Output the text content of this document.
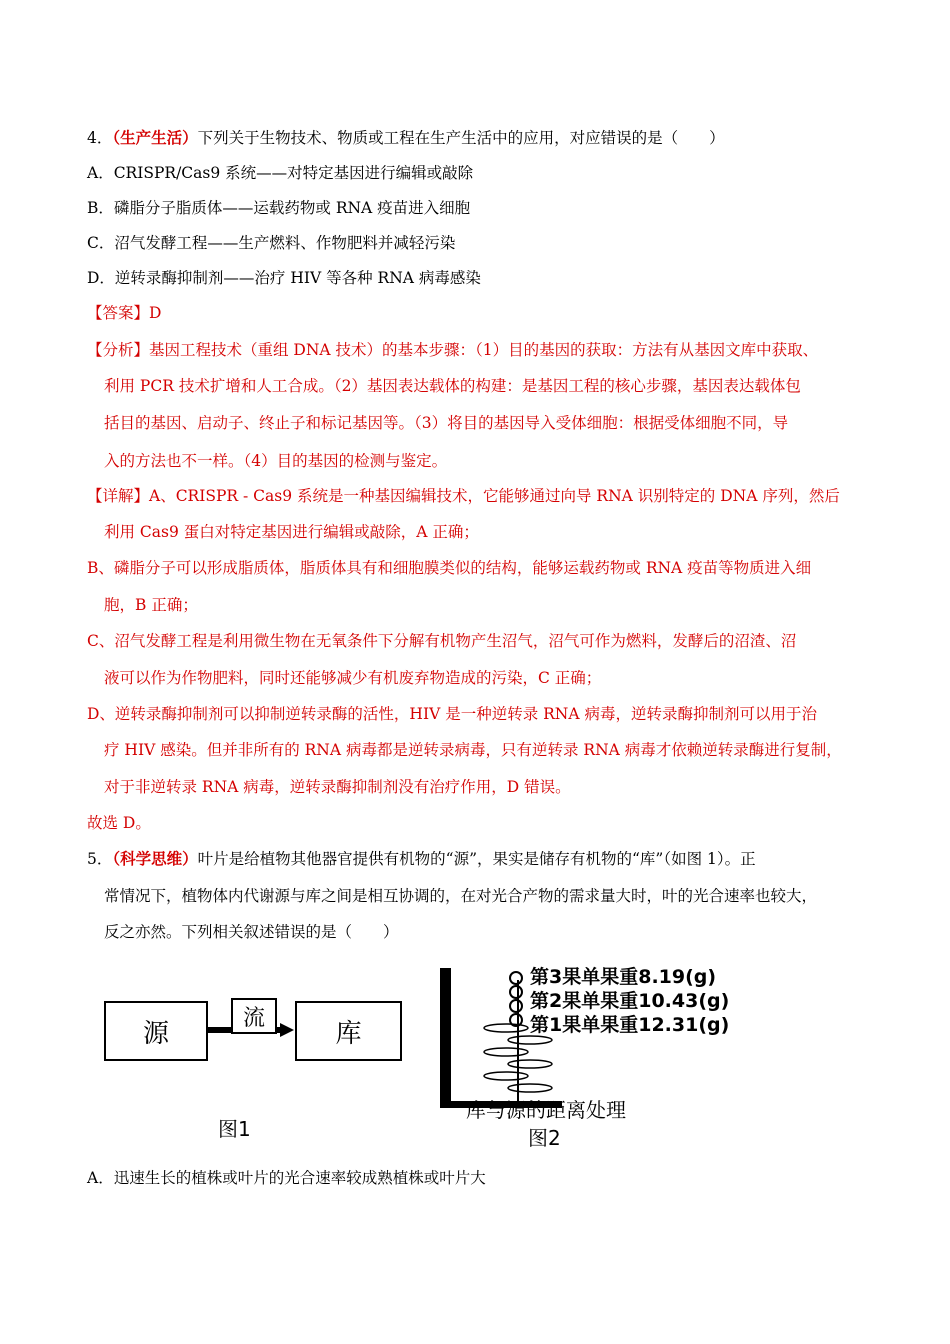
4．（生产生活）下列关于生物技术、物质或工程在生产生活中的应用，对应错误的是（　　）
A．CRISPR/Cas9 系统——对特定基因进行编辑或敲除
B．磷脂分子脂质体——运载药物或 RNA 疫苗进入细胞
C．沼气发酵工程——生产燃料、作物肥料并减轻污染
D．逆转录酶抑制剂——治疗 HIV 等各种 RNA 病毒感染
【答案】D
【分析】基因工程技术（重组 DNA 技术）的基本步骤：（1）目的基因的获取：方法有从基因文库中获取、
利用 PCR 技术扩增和人工合成。（2）基因表达载体的构建：是基因工程的核心步骤，基因表达载体包
括目的基因、启动子、终止子和标记基因等。（3）将目的基因导入受体细胞：根据受体细胞不同，导
入的方法也不一样。（4）目的基因的检测与鉴定。
【详解】A、CRISPR - Cas9 系统是一种基因编辑技术，它能够通过向导 RNA 识别特定的 DNA 序列，然后
利用 Cas9 蛋白对特定基因进行编辑或敲除，A 正确；
B、磷脂分子可以形成脂质体，脂质体具有和细胞膜类似的结构，能够运载药物或 RNA 疫苗等物质进入细
胞，B 正确；
C、沼气发酵工程是利用微生物在无氧条件下分解有机物产生沼气，沼气可作为燃料，发酵后的沼渣、沼
液可以作为作物肥料，同时还能够减少有机废弃物造成的污染，C 正确；
D、逆转录酶抑制剂可以抑制逆转录酶的活性，HIV 是一种逆转录 RNA 病毒，逆转录酶抑制剂可以用于治
疗 HIV 感染。但并非所有的 RNA 病毒都是逆转录病毒，只有逆转录 RNA 病毒才依赖逆转录酶进行复制，
对于非逆转录 RNA 病毒，逆转录酶抑制剂没有治疗作用，D 错误。
故选 D。
5．（科学思维）叶片是给植物其他器官提供有机物的“源”，果实是储存有机物的“库”（如图 1）。正
常情况下，植物体内代谢源与库之间是相互协调的，在对光合产物的需求量大时，叶的光合速率也较大，
反之亦然。下列相关叙述错误的是（　　）
源
流
库
图1
第3果单果重8.19(g)
第2果单果重10.43(g)
第1果单果重12.31(g)
库与源的距离处理
图2
A．迅速生长的植株或叶片的光合速率较成熟植株或叶片大
